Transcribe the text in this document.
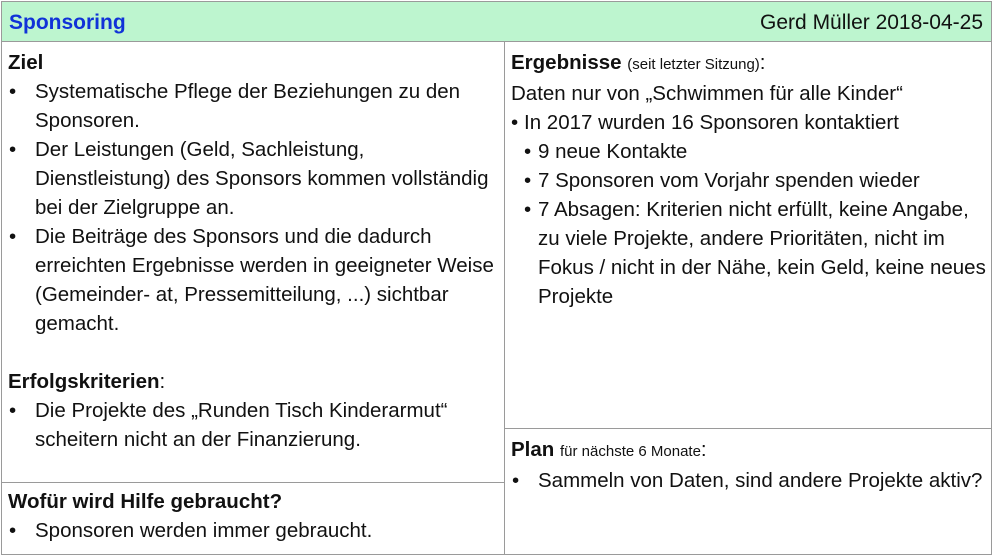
Sponsoring	Gerd Müller 2018-04-25
Ziel
• Systematische Pflege der Beziehungen zu den Sponsoren.
• Der Leistungen (Geld, Sachleistung, Dienstleistung) des Sponsors kommen vollständig bei der Zielgruppe an.
• Die Beiträge des Sponsors und die dadurch erreichten Ergebnisse werden in geeigneter Weise (Gemeinder- at, Pressemitteilung, ...) sichtbar gemacht.
Erfolgskriterien:
• Die Projekte des „Runden Tisch Kinderarmut“ scheitern nicht an der Finanzierung.
Wofür wird Hilfe gebraucht?
• Sponsoren werden immer gebraucht.
Ergebnisse (seit letzter Sitzung):
Daten nur von „Schwimmen für alle Kinder“
• In 2017 wurden 16 Sponsoren kontaktiert
• 9 neue Kontakte
• 7 Sponsoren vom Vorjahr spenden wieder
• 7 Absagen: Kriterien nicht erfüllt, keine Angabe, zu viele Projekte, andere Prioritäten, nicht im Fokus / nicht in der Nähe, kein Geld, keine neues Projekte
Plan für nächste 6 Monate:
• Sammeln von Daten, sind andere Projekte aktiv?
